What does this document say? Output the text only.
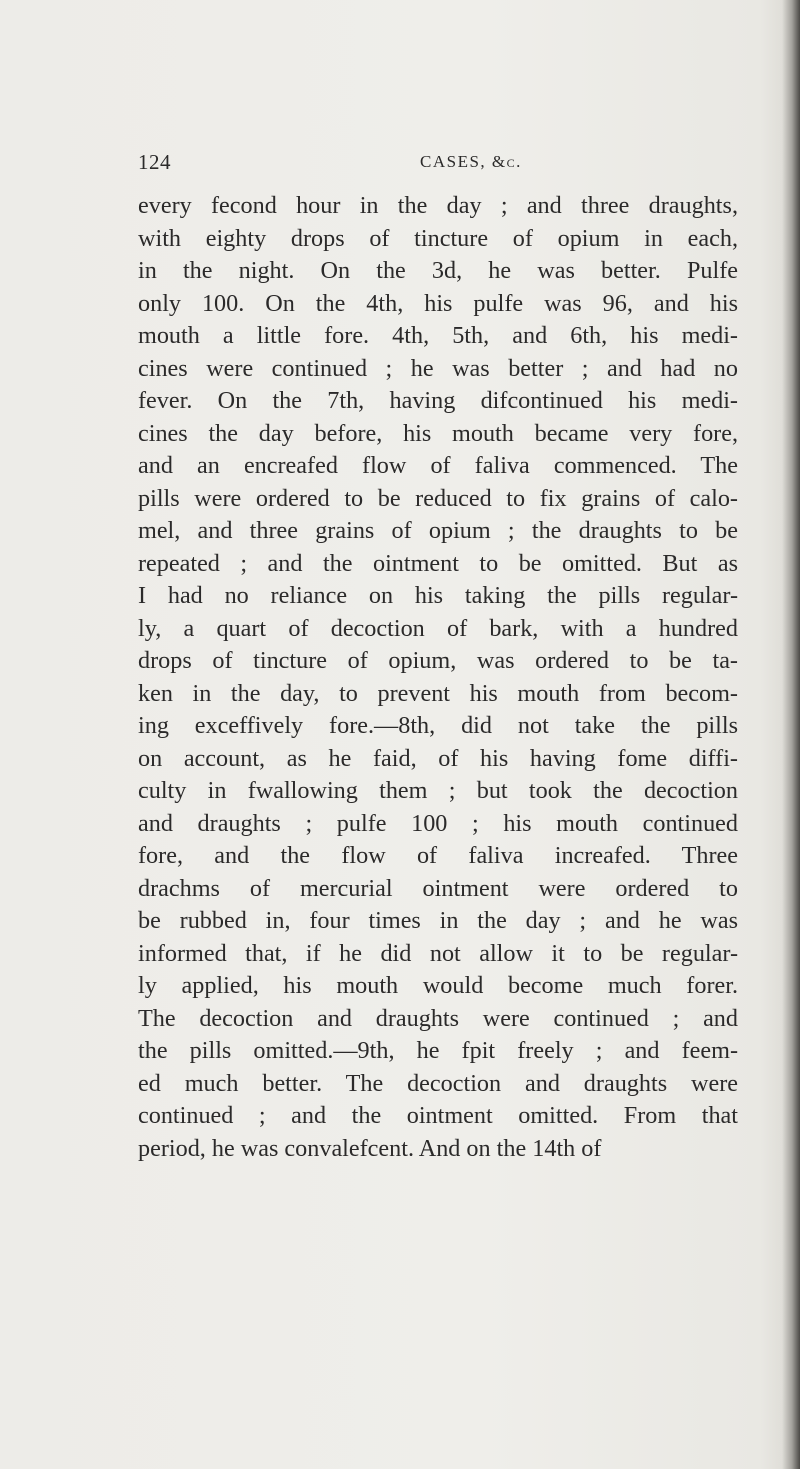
124	CASES, &c.
every fecond hour in the day ; and three draughts,
with eighty drops of tincture of opium in each,
in the night. On the 3d, he was better. Pulfe
only 100. On the 4th, his pulfe was 96, and his
mouth a little fore. 4th, 5th, and 6th, his medi-
cines were continued ; he was better ; and had no
fever. On the 7th, having difcontinued his medi-
cines the day before, his mouth became very fore,
and an encreafed flow of faliva commenced. The
pills were ordered to be reduced to fix grains of calo-
mel, and three grains of opium ; the draughts to be
repeated ; and the ointment to be omitted. But as
I had no reliance on his taking the pills regular-
ly, a quart of decoction of bark, with a hundred
drops of tincture of opium, was ordered to be ta-
ken in the day, to prevent his mouth from becom-
ing exceffively fore.—8th, did not take the pills
on account, as he faid, of his having fome diffi-
culty in fwallowing them ; but took the decoction
and draughts ; pulfe 100 ; his mouth continued
fore, and the flow of faliva increafed. Three
drachms of mercurial ointment were ordered to
be rubbed in, four times in the day ; and he was
informed that, if he did not allow it to be regular-
ly applied, his mouth would become much forer.
The decoction and draughts were continued ; and
the pills omitted.—9th, he fpit freely ; and feem-
ed much better. The decoction and draughts were
continued ; and the ointment omitted. From that
period, he was convalefcent. And on the 14th of
